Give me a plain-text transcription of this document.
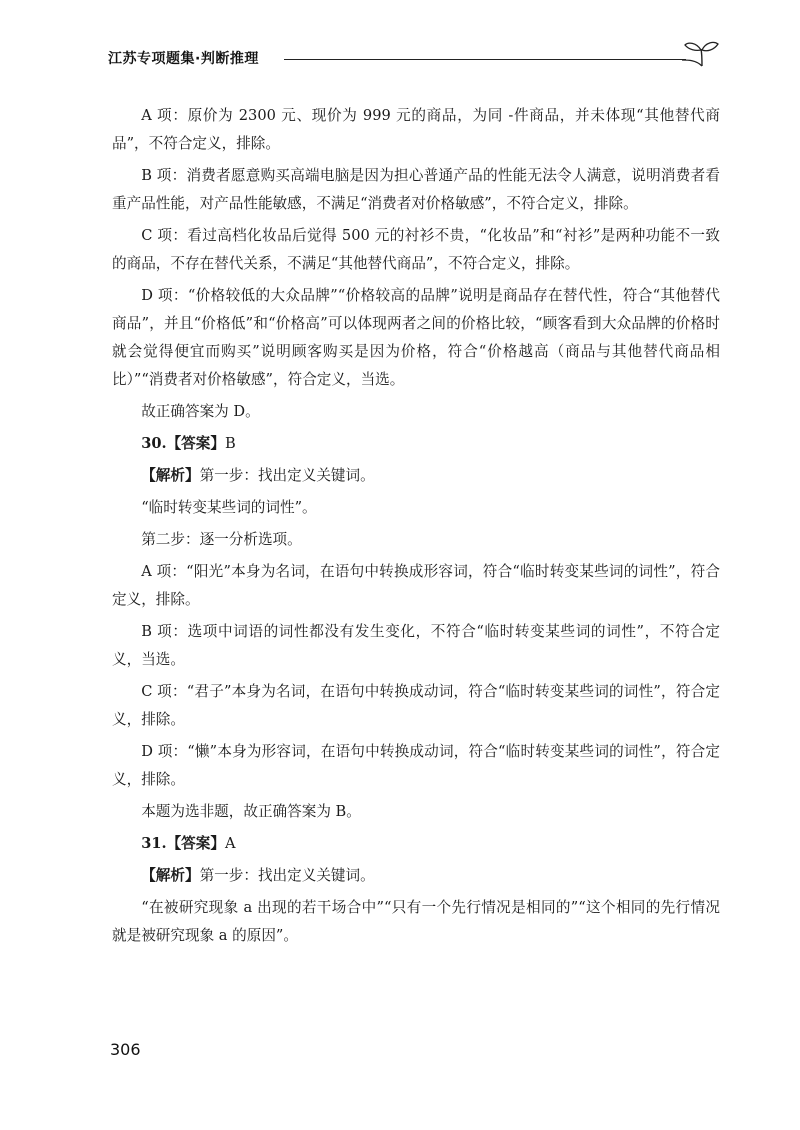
江苏专项题集·判断推理

A 项：原价为 2300 元、现价为 999 元的商品，为同 -件商品，并未体现“其他替代商品”，不符合定义，排除。

B 项：消费者愿意购买高端电脑是因为担心普通产品的性能无法令人满意，说明消费者看重产品性能，对产品性能敏感，不满足“消费者对价格敏感”，不符合定义，排除。

C 项：看过高档化妆品后觉得 500 元的衬衫不贵，“化妆品”和“衬衫”是两种功能不一致的商品，不存在替代关系，不满足“其他替代商品”，不符合定义，排除。

D 项：“价格较低的大众品牌”“价格较高的品牌”说明是商品存在替代性，符合“其他替代商品”，并且“价格低”和“价格高”可以体现两者之间的价格比较，“顾客看到大众品牌的价格时就会觉得便宜而购买”说明顾客购买是因为价格，符合“价格越高（商品与其他替代商品相比）”“消费者对价格敏感”，符合定义，当选。

故正确答案为 D。

30.【答案】B

【解析】第一步：找出定义关键词。

“临时转变某些词的词性”。

第二步：逐一分析选项。

A 项：“阳光”本身为名词，在语句中转换成形容词，符合“临时转变某些词的词性”，符合定义，排除。

B 项：选项中词语的词性都没有发生变化，不符合“临时转变某些词的词性”，不符合定义，当选。

C 项：“君子”本身为名词，在语句中转换成动词，符合“临时转变某些词的词性”，符合定义，排除。

D 项：“懒”本身为形容词，在语句中转换成动词，符合“临时转变某些词的词性”，符合定义，排除。

本题为选非题，故正确答案为 B。

31.【答案】A

【解析】第一步：找出定义关键词。

“在被研究现象 a 出现的若干场合中”“只有一个先行情况是相同的”“这个相同的先行情况就是被研究现象 a 的原因”。

306
